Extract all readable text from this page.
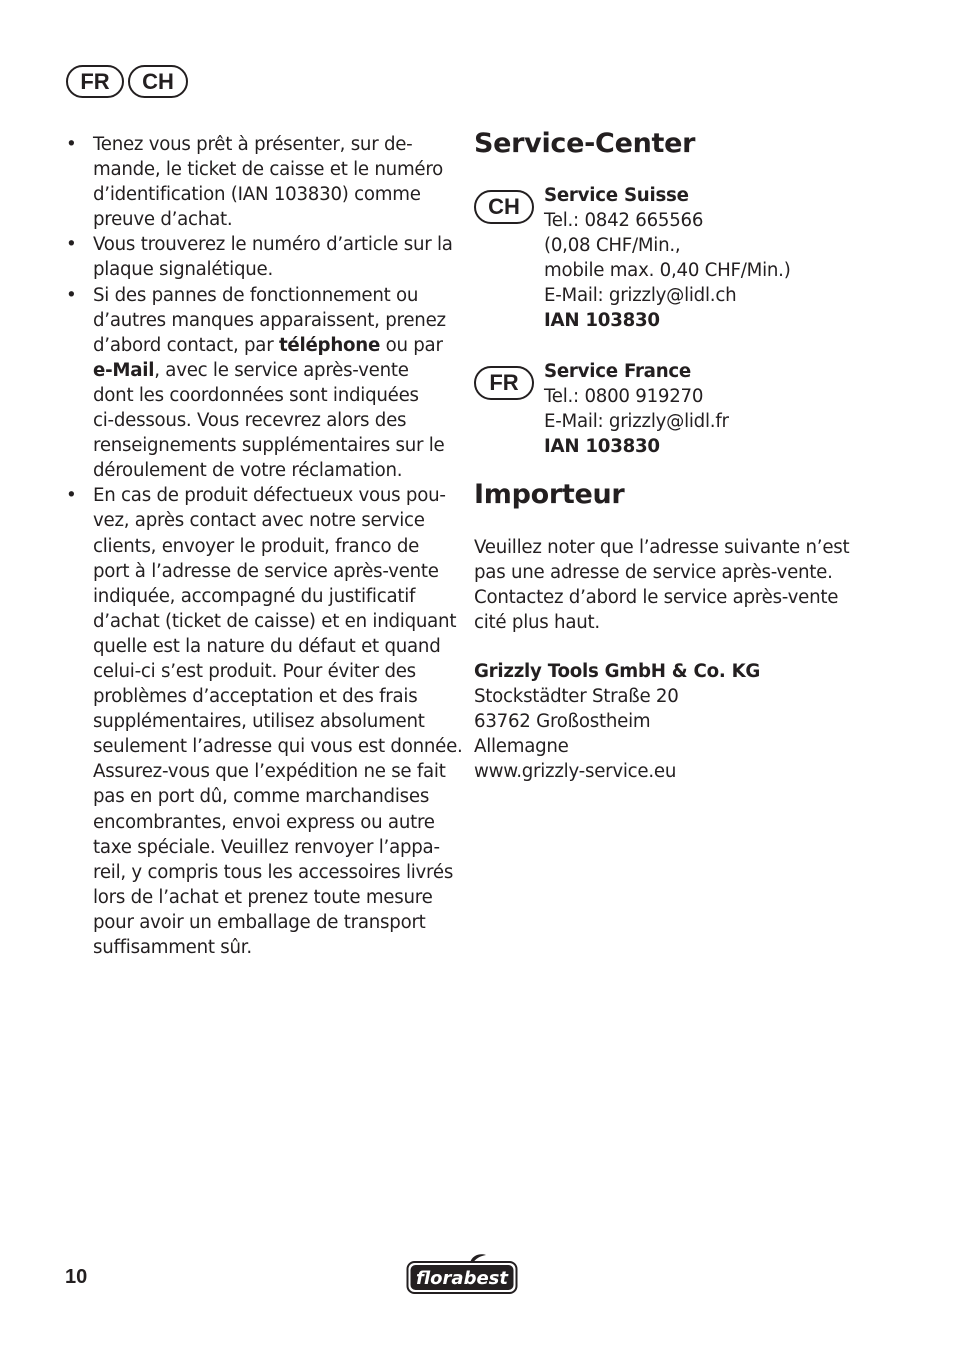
FR	CH
• Tenez vous prêt à présenter, sur de-
mande, le ticket de caisse et le numéro
d’identification (IAN 103830) comme
preuve d’achat.
• Vous trouverez le numéro d’article sur la
plaque signalétique.
• Si des pannes de fonctionnement ou
d’autres manques apparaissent, prenez
d’abord contact, par téléphone ou par
e-Mail, avec le service après-vente
dont les coordonnées sont indiquées
ci-dessous. Vous recevrez alors des
renseignements supplémentaires sur le
déroulement de votre réclamation.
• En cas de produit défectueux vous pou-
vez, après contact avec notre service
clients, envoyer le produit, franco de
port à l’adresse de service après-vente
indiquée, accompagné du justificatif
d’achat (ticket de caisse) et en indiquant
quelle est la nature du défaut et quand
celui-ci s’est produit. Pour éviter des
problèmes d’acceptation et des frais
supplémentaires, utilisez absolument
seulement l’adresse qui vous est donnée.
Assurez-vous que l’expédition ne se fait
pas en port dû, comme marchandises
encombrantes, envoi express ou autre
taxe spéciale. Veuillez renvoyer l’appa-
reil, y compris tous les accessoires livrés
lors de l’achat et prenez toute mesure
pour avoir un emballage de transport
suffisamment sûr.
Service-Center
CH	Service Suisse
Tel.: 0842 665566
(0,08 CHF/Min.,
mobile max. 0,40 CHF/Min.)
E-Mail: grizzly@lidl.ch
IAN 103830
FR	Service France
Tel.: 0800 919270
E-Mail: grizzly@lidl.fr
IAN 103830
Importeur
Veuillez noter que l’adresse suivante n’est
pas une adresse de service après-vente.
Contactez d’abord le service après-vente
cité plus haut.
Grizzly Tools GmbH & Co. KG
Stockstädter Straße 20
63762 Großostheim
Allemagne
www.grizzly-service.eu
10	florabest
